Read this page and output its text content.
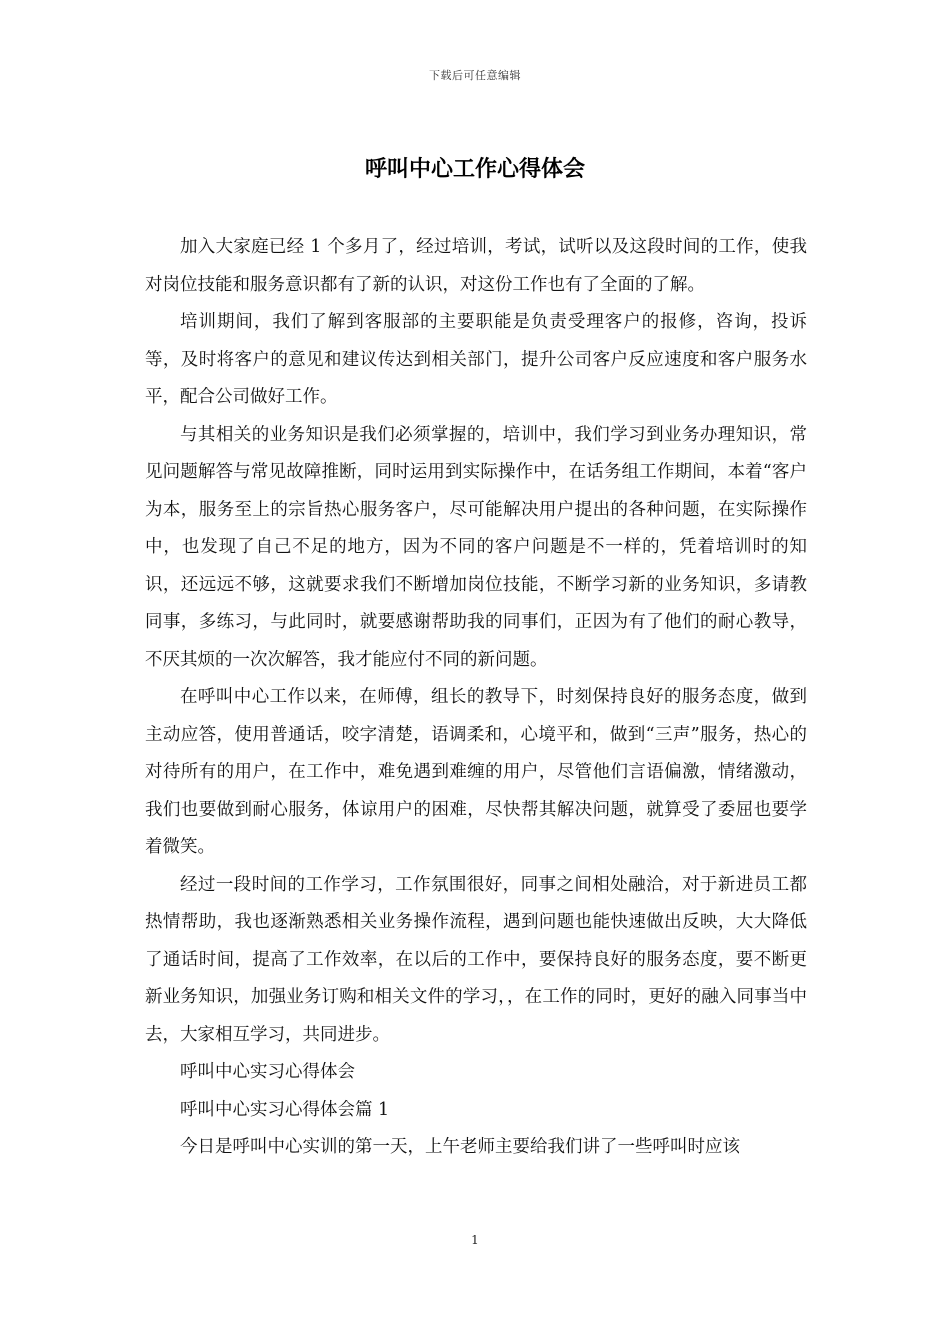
下载后可任意编辑
呼叫中心工作心得体会

加入大家庭已经 1 个多月了，经过培训，考试，试听以及这段时间的工作，使我对岗位技能和服务意识都有了新的认识，对这份工作也有了全面的了解。

培训期间，我们了解到客服部的主要职能是负责受理客户的报修，咨询，投诉等，及时将客户的意见和建议传达到相关部门，提升公司客户反应速度和客户服务水平，配合公司做好工作。

与其相关的业务知识是我们必须掌握的，培训中，我们学习到业务办理知识，常见问题解答与常见故障推断，同时运用到实际操作中，在话务组工作期间，本着“客户为本，服务至上的宗旨热心服务客户，尽可能解决用户提出的各种问题，在实际操作中，也发现了自己不足的地方，因为不同的客户问题是不一样的，凭着培训时的知识，还远远不够，这就要求我们不断增加岗位技能，不断学习新的业务知识，多请教同事，多练习，与此同时，就要感谢帮助我的同事们，正因为有了他们的耐心教导，不厌其烦的一次次解答，我才能应付不同的新问题。

在呼叫中心工作以来，在师傅，组长的教导下，时刻保持良好的服务态度，做到主动应答，使用普通话，咬字清楚，语调柔和，心境平和，做到“三声”服务，热心的对待所有的用户，在工作中，难免遇到难缠的用户，尽管他们言语偏激，情绪激动，我们也要做到耐心服务，体谅用户的困难，尽快帮其解决问题，就算受了委屈也要学着微笑。

经过一段时间的工作学习，工作氛围很好，同事之间相处融洽，对于新进员工都热情帮助，我也逐渐熟悉相关业务操作流程，遇到问题也能快速做出反映，大大降低了通话时间，提高了工作效率，在以后的工作中，要保持良好的服务态度，要不断更新业务知识，加强业务订购和相关文件的学习，，在工作的同时，更好的融入同事当中去，大家相互学习，共同进步。

呼叫中心实习心得体会

呼叫中心实习心得体会篇 1

今日是呼叫中心实训的第一天，上午老师主要给我们讲了一些呼叫时应该

1
